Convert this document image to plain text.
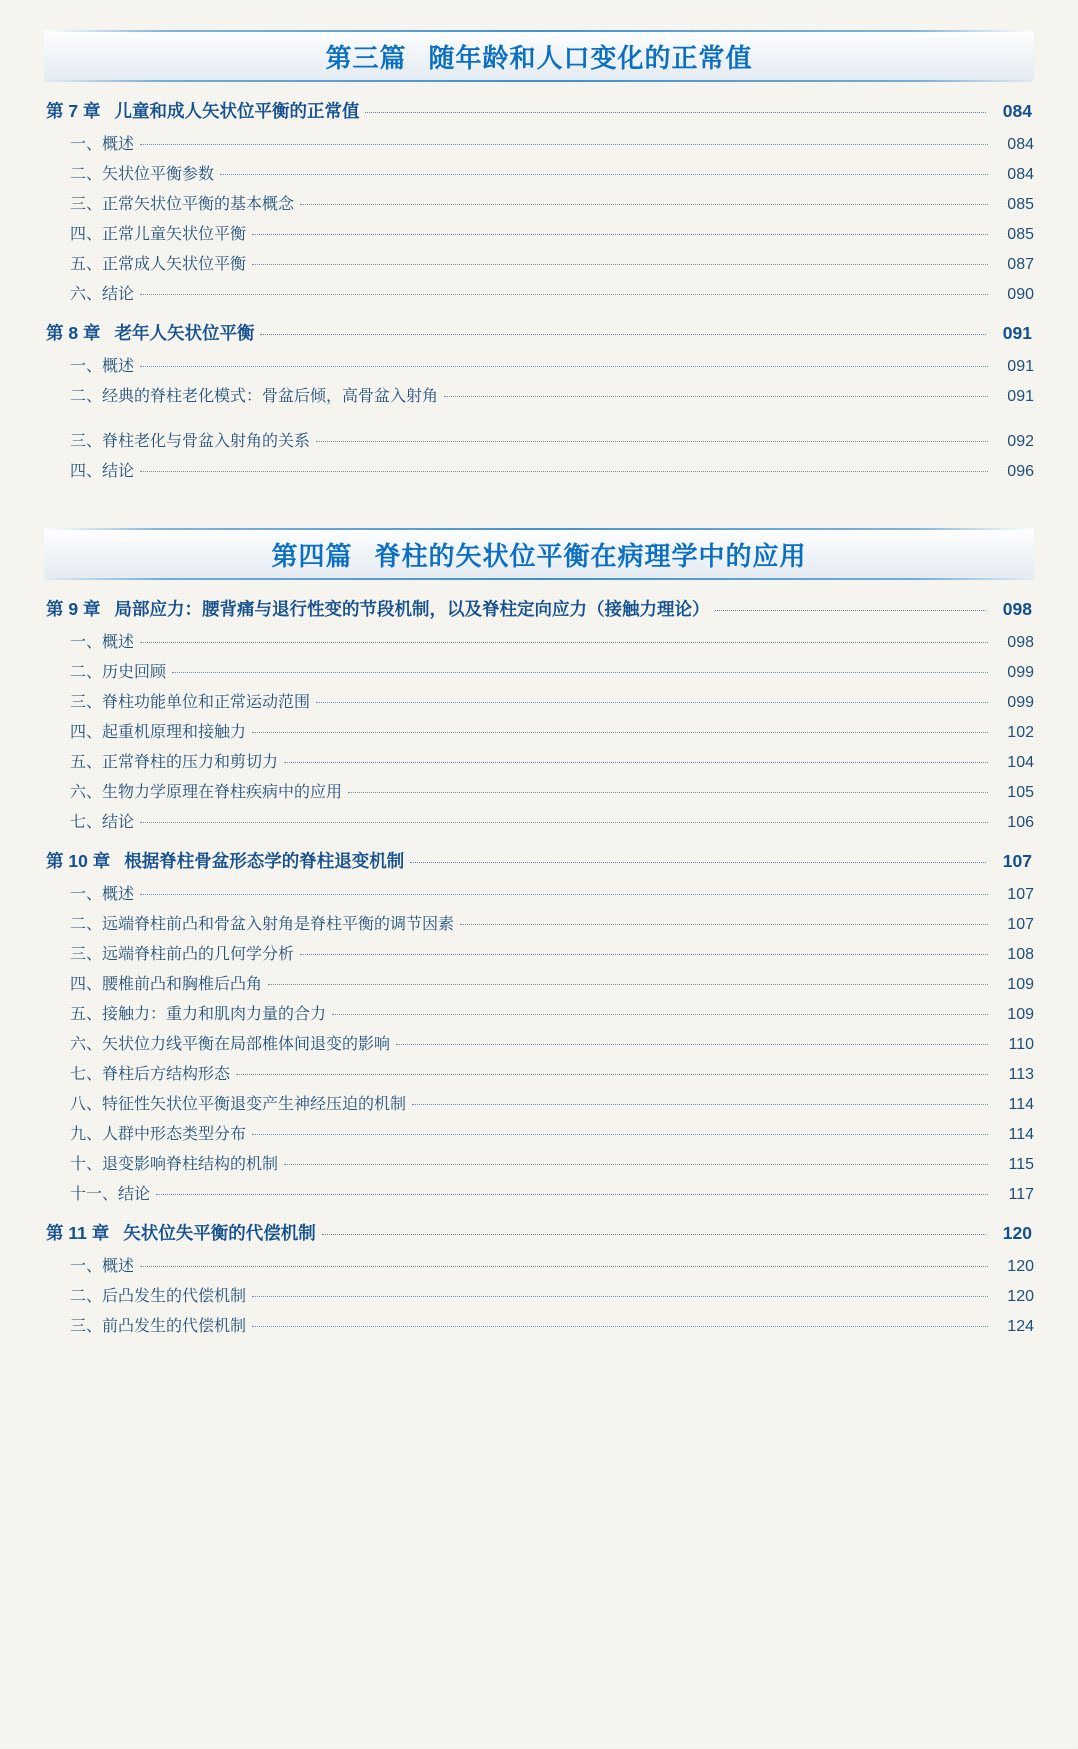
第三篇 随年龄和人口变化的正常值
第 7 章 儿童和成人矢状位平衡的正常值	084
一、概述	084
二、矢状位平衡参数	084
三、正常矢状位平衡的基本概念	085
四、正常儿童矢状位平衡	085
五、正常成人矢状位平衡	087
六、结论	090
第 8 章 老年人矢状位平衡	091
一、概述	091
二、经典的脊柱老化模式：骨盆后倾，高骨盆入射角	091
三、脊柱老化与骨盆入射角的关系	092
四、结论	096
第四篇 脊柱的矢状位平衡在病理学中的应用
第 9 章 局部应力：腰背痛与退行性变的节段机制，以及脊柱定向应力（接触力理论）	098
一、概述	098
二、历史回顾	099
三、脊柱功能单位和正常运动范围	099
四、起重机原理和接触力	102
五、正常脊柱的压力和剪切力	104
六、生物力学原理在脊柱疾病中的应用	105
七、结论	106
第 10 章 根据脊柱骨盆形态学的脊柱退变机制	107
一、概述	107
二、远端脊柱前凸和骨盆入射角是脊柱平衡的调节因素	107
三、远端脊柱前凸的几何学分析	108
四、腰椎前凸和胸椎后凸角	109
五、接触力：重力和肌肉力量的合力	109
六、矢状位力线平衡在局部椎体间退变的影响	110
七、脊柱后方结构形态	113
八、特征性矢状位平衡退变产生神经压迫的机制	114
九、人群中形态类型分布	114
十、退变影响脊柱结构的机制	115
十一、结论	117
第 11 章 矢状位失平衡的代偿机制	120
一、概述	120
二、后凸发生的代偿机制	120
三、前凸发生的代偿机制	124
